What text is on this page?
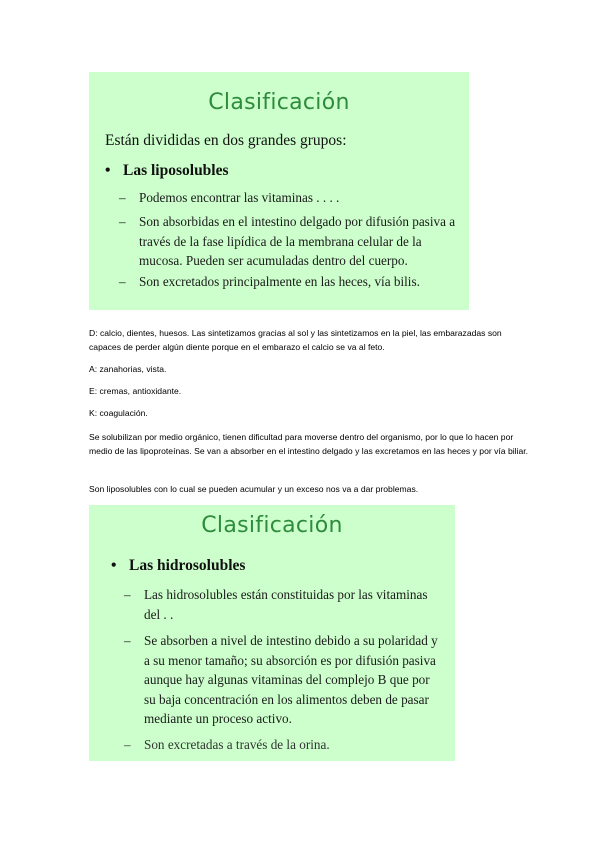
Clasificación
Están divididas en dos grandes grupos:
• Las liposolubles
– Podemos encontrar las vitaminas . . . .
– Son absorbidas en el intestino delgado por difusión pasiva a través de la fase lipídica de la membrana celular de la mucosa. Pueden ser acumuladas dentro del cuerpo.
– Son excretados principalmente en las heces, vía bilis.
D: calcio, dientes, huesos. Las sintetizamos gracias al sol y las sintetizamos en la piel, las embarazadas son capaces de perder algún diente porque en el embarazo el calcio se va al feto.
A: zanahorias, vista.
E: cremas, antioxidante.
K: coagulación.
Se solubilizan por medio orgánico, tienen dificultad para moverse dentro del organismo, por lo que lo hacen por medio de las lipoproteínas. Se van a absorber en el intestino delgado y las excretamos en las heces y por vía biliar.
Son liposolubles con lo cual se pueden acumular y un exceso nos va a dar problemas.
Clasificación
• Las hidrosolubles
– Las hidrosolubles están constituidas por las vitaminas del . .
– Se absorben a nivel de intestino debido a su polaridad y a su menor tamaño; su absorción es por difusión pasiva aunque hay algunas vitaminas del complejo B que por su baja concentración en los alimentos deben de pasar mediante un proceso activo.
– Son excretadas a través de la orina.
